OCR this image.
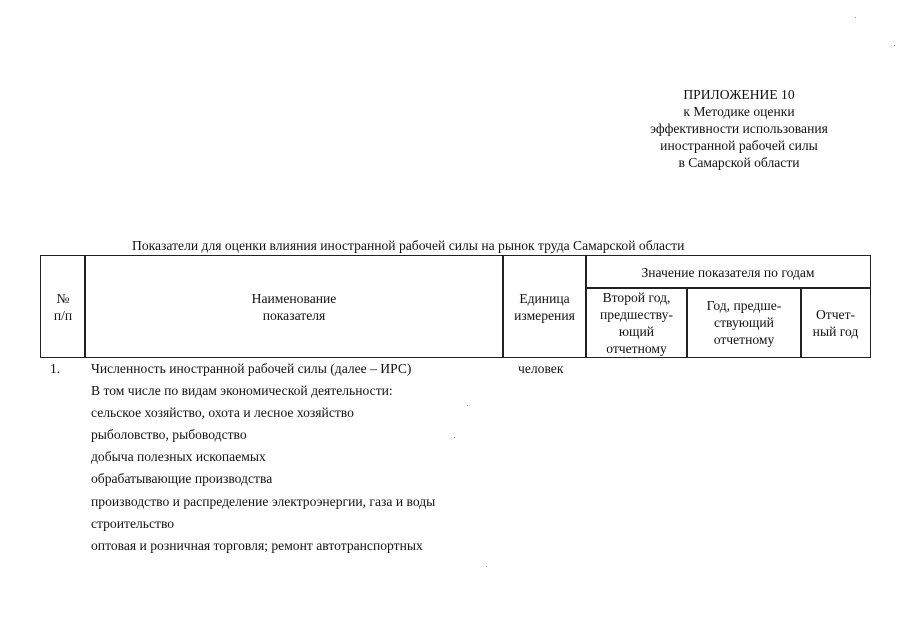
ПРИЛОЖЕНИЕ 10
к Методике оценки
эффективности использования
иностранной рабочей силы
в Самарской области
Показатели для оценки влияния иностранной рабочей силы на рынок труда Самарской области
№
п/п
Наименование
показателя
Единица
измерения
Значение показателя по годам
Второй год,
предшеству-
ющий
отчетному
Год, предше-
ствующий
отчетному
Отчет-
ный год
1.	человек
Численность иностранной рабочей силы (далее – ИРС)
В том числе по видам экономической деятельности:
сельское хозяйство, охота и лесное хозяйство
рыболовство, рыбоводство
добыча полезных ископаемых
обрабатывающие производства
производство и распределение электроэнергии, газа и воды
строительство
оптовая и розничная торговля; ремонт автотранспортных
